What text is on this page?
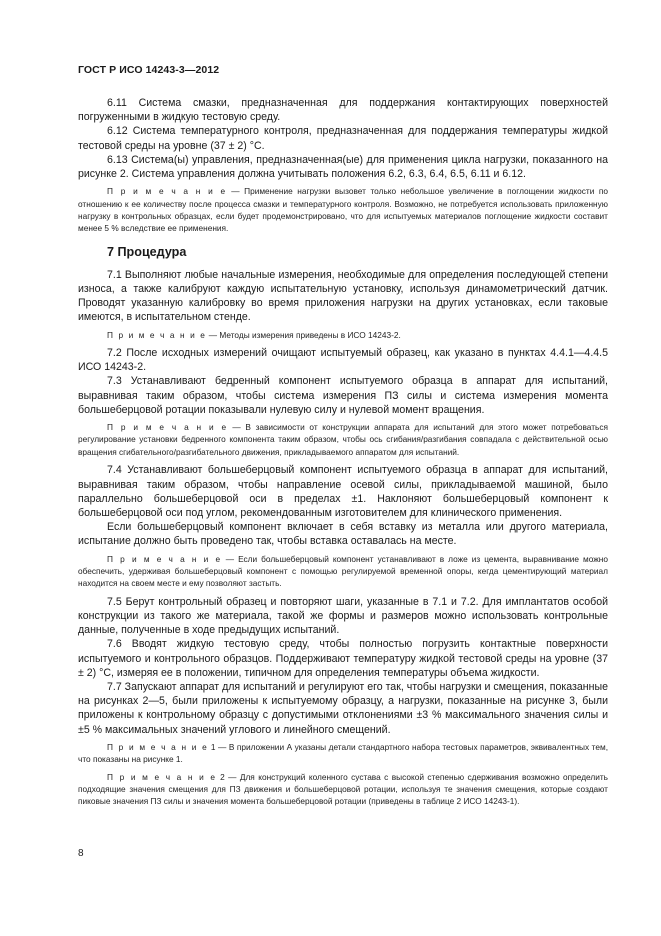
ГОСТ Р ИСО 14243-3—2012

6.11 Система смазки, предназначенная для поддержания контактирующих поверхностей погруженными в жидкую тестовую среду.

6.12 Система температурного контроля, предназначенная для поддержания температуры жидкой тестовой среды на уровне (37 ± 2) °С.

6.13 Система(ы) управления, предназначенная(ые) для применения цикла нагрузки, показанного на рисунке 2. Система управления должна учитывать положения 6.2, 6.3, 6.4, 6.5, 6.11 и 6.12.

П р и м е ч а н и е — Применение нагрузки вызовет только небольшое увеличение в поглощении жидкости по отношению к ее количеству после процесса смазки и температурного контроля. Возможно, не потребуется использовать приложенную нагрузку в контрольных образцах, если будет продемонстрировано, что для испытуемых материалов поглощение жидкости составит менее 5 % вследствие ее применения.

7 Процедура

7.1 Выполняют любые начальные измерения, необходимые для определения последующей степени износа, а также калибруют каждую испытательную установку, используя динамометрический датчик. Проводят указанную калибровку во время приложения нагрузки на других установках, если таковые имеются, в испытательном стенде.

П р и м е ч а н и е — Методы измерения приведены в ИСО 14243-2.

7.2 После исходных измерений очищают испытуемый образец, как указано в пунктах 4.4.1—4.4.5 ИСО 14243-2.

7.3 Устанавливают бедренный компонент испытуемого образца в аппарат для испытаний, выравнивая таким образом, чтобы система измерения ПЗ силы и система измерения момента большеберцовой ротации показывали нулевую силу и нулевой момент вращения.

П р и м е ч а н и е — В зависимости от конструкции аппарата для испытаний для этого может потребоваться регулирование установки бедренного компонента таким образом, чтобы ось сгибания/разгибания совпадала с действительной осью вращения сгибательного/разгибательного движения, прикладываемого аппаратом для испытаний.

7.4 Устанавливают большеберцовый компонент испытуемого образца в аппарат для испытаний, выравнивая таким образом, чтобы направление осевой силы, прикладываемой машиной, было параллельно большеберцовой оси в пределах ±1. Наклоняют большеберцовый компонент к большеберцовой оси под углом, рекомендованным изготовителем для клинического применения.

Если большеберцовый компонент включает в себя вставку из металла или другого материала, испытание должно быть проведено так, чтобы вставка оставалась на месте.

П р и м е ч а н и е — Если большеберцовый компонент устанавливают в ложе из цемента, выравнивание можно обеспечить, удерживая большеберцовый компонент с помощью регулируемой временной опоры, кегда цементирующий материал находится на своем месте и ему позволяют застыть.

7.5 Берут контрольный образец и повторяют шаги, указанные в 7.1 и 7.2. Для имплантатов особой конструкции из такого же материала, такой же формы и размеров можно использовать контрольные данные, полученные в ходе предыдущих испытаний.

7.6 Вводят жидкую тестовую среду, чтобы полностью погрузить контактные поверхности испытуемого и контрольного образцов. Поддерживают температуру жидкой тестовой среды на уровне (37 ± 2) °С, измеряя ее в положении, типичном для определения температуры объема жидкости.

7.7 Запускают аппарат для испытаний и регулируют его так, чтобы нагрузки и смещения, показанные на рисунках 2—5, были приложены к испытуемому образцу, а нагрузки, показанные на рисунке 3, были приложены к контрольному образцу с допустимыми отклонениями ±3 % максимального значения силы и ±5 % максимальных значений углового и линейного смещений.

П р и м е ч а н и е 1 — В приложении А указаны детали стандартного набора тестовых параметров, эквивалентных тем, что показаны на рисунке 1.

П р и м е ч а н и е 2 — Для конструкций коленного сустава с высокой степенью сдерживания возможно определить подходящие значения смещения для ПЗ движения и большеберцовой ротации, используя те значения смещения, которые создают пиковые значения ПЗ силы и значения момента большеберцовой ротации (приведены в таблице 2 ИСО 14243-1).

8
